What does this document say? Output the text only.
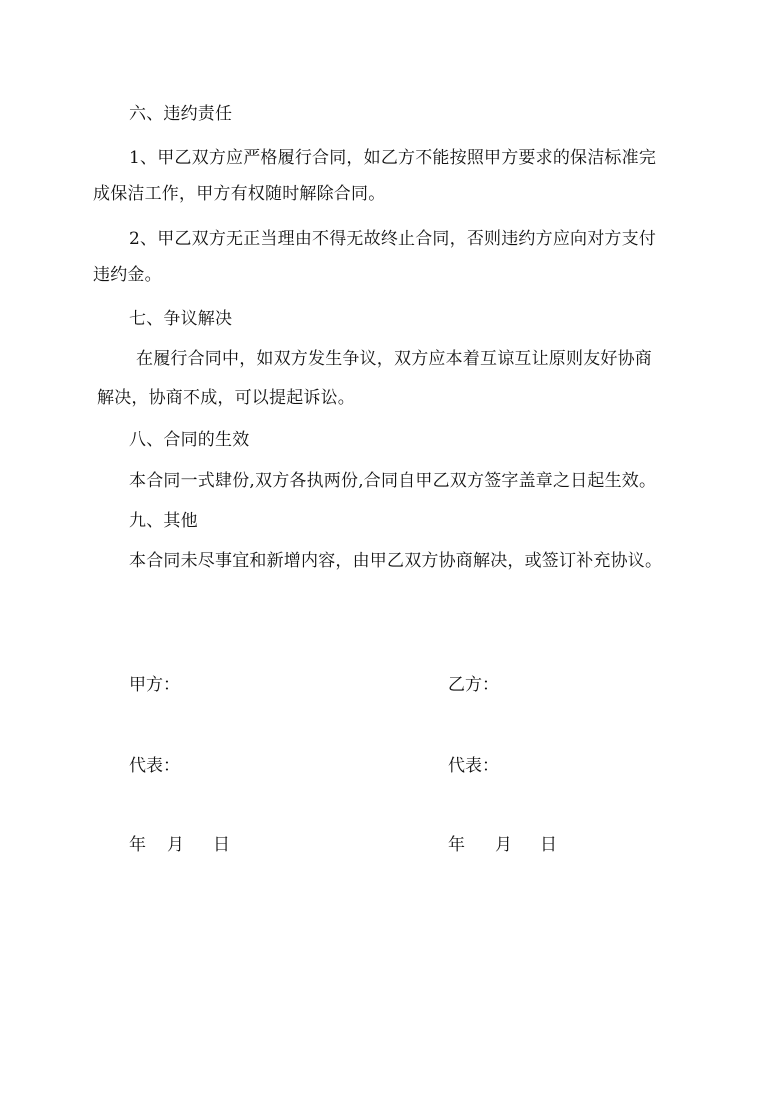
六、违约责任
1、甲乙双方应严格履行合同，如乙方不能按照甲方要求的保洁标准完
成保洁工作，甲方有权随时解除合同。
2、甲乙双方无正当理由不得无故终止合同，否则违约方应向对方支付
违约金。
七、争议解决
在履行合同中，如双方发生争议，双方应本着互谅互让原则友好协商
解决，协商不成，可以提起诉讼。
八、合同的生效
本合同一式肆份,双方各执两份,合同自甲乙双方签字盖章之日起生效。
九、其他
本合同未尽事宜和新增内容，由甲乙双方协商解决，或签订补充协议。
甲方：	乙方：
代表：	代表：
年 月 日	年 月 日
